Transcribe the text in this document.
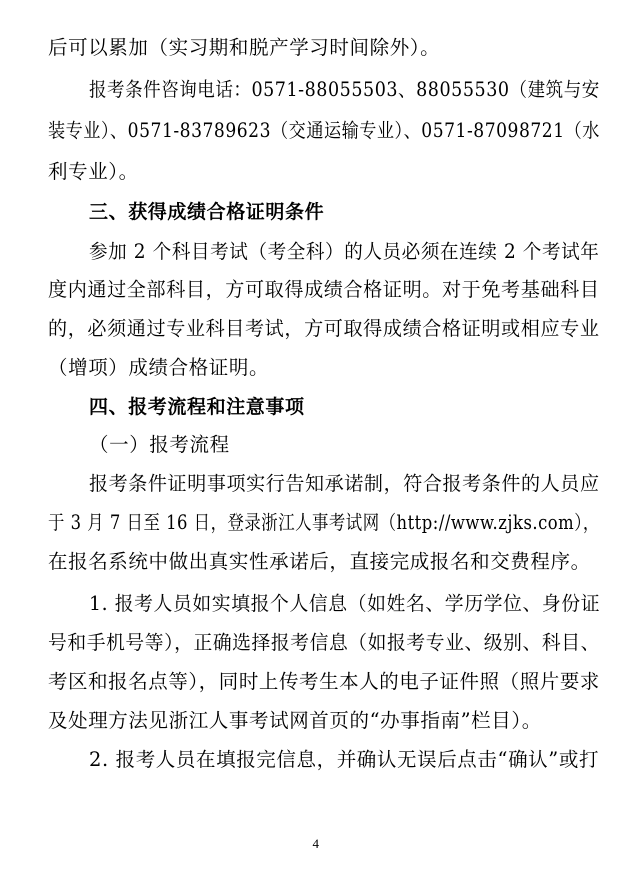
后可以累加（实习期和脱产学习时间除外）。
报考条件咨询电话：0571-88055503、88055530（建筑与安
装专业）、0571-83789623（交通运输专业）、0571-87098721（水
利专业）。
三、获得成绩合格证明条件
参加 2 个科目考试（考全科）的人员必须在连续 2 个考试年
度内通过全部科目，方可取得成绩合格证明。对于免考基础科目
的，必须通过专业科目考试，方可取得成绩合格证明或相应专业
（增项）成绩合格证明。
四、报考流程和注意事项
（一）报考流程
报考条件证明事项实行告知承诺制，符合报考条件的人员应
于 3 月 7 日至 16 日，登录浙江人事考试网（http://www.zjks.com），
在报名系统中做出真实性承诺后，直接完成报名和交费程序。
1. 报考人员如实填报个人信息（如姓名、学历学位、身份证
号和手机号等），正确选择报考信息（如报考专业、级别、科目、
考区和报名点等），同时上传考生本人的电子证件照（照片要求
及处理方法见浙江人事考试网首页的“办事指南”栏目）。
2. 报考人员在填报完信息，并确认无误后点击“确认”或打
4
